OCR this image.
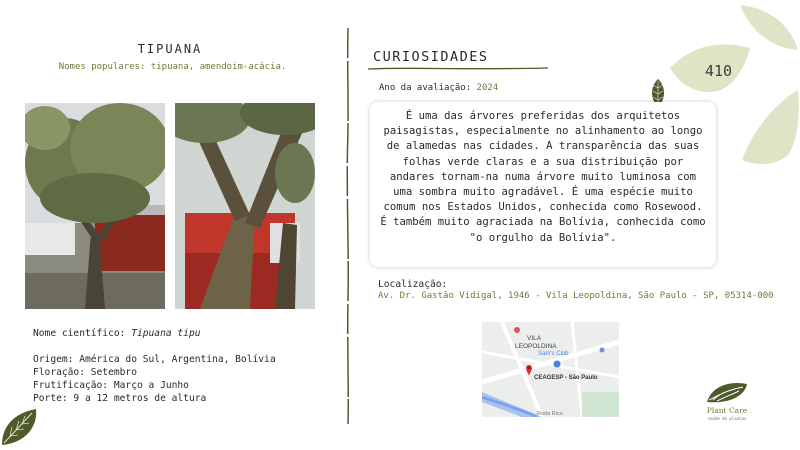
410
TIPUANA
Nomes populares: tipuana, amendoim-acácia.
Nome científico: Tipuana tipu
Origem: América do Sul, Argentina, Bolívia
Floração: Setembro
Frutificação: Março a Junho
Porte: 9 a 12 metros de altura
CURIOSIDADES
Ano da avaliação: 2024

É uma das árvores preferidas dos arquitetos paisagistas, especialmente no alinhamento ao longo de alamedas nas cidades. A transparência das suas folhas verde claras e a sua distribuição por andares tornam-na numa árvore muito luminosa com uma sombra muito agradável. É uma espécie muito comum nos Estados Unidos, conhecida como Rosewood. É também muito agraciada na Bolívia, conhecida como "o orgulho da Bolívia".

Localização:
Av. Dr. Gastão Vidigal, 1946 - Vila Leopoldina, São Paulo - SP, 05314-000
VILA
LEOPOLDINA
Sam's Club
CEAGESP - São Paulo
Roda Rico	Plant Care
saúde de plantas
